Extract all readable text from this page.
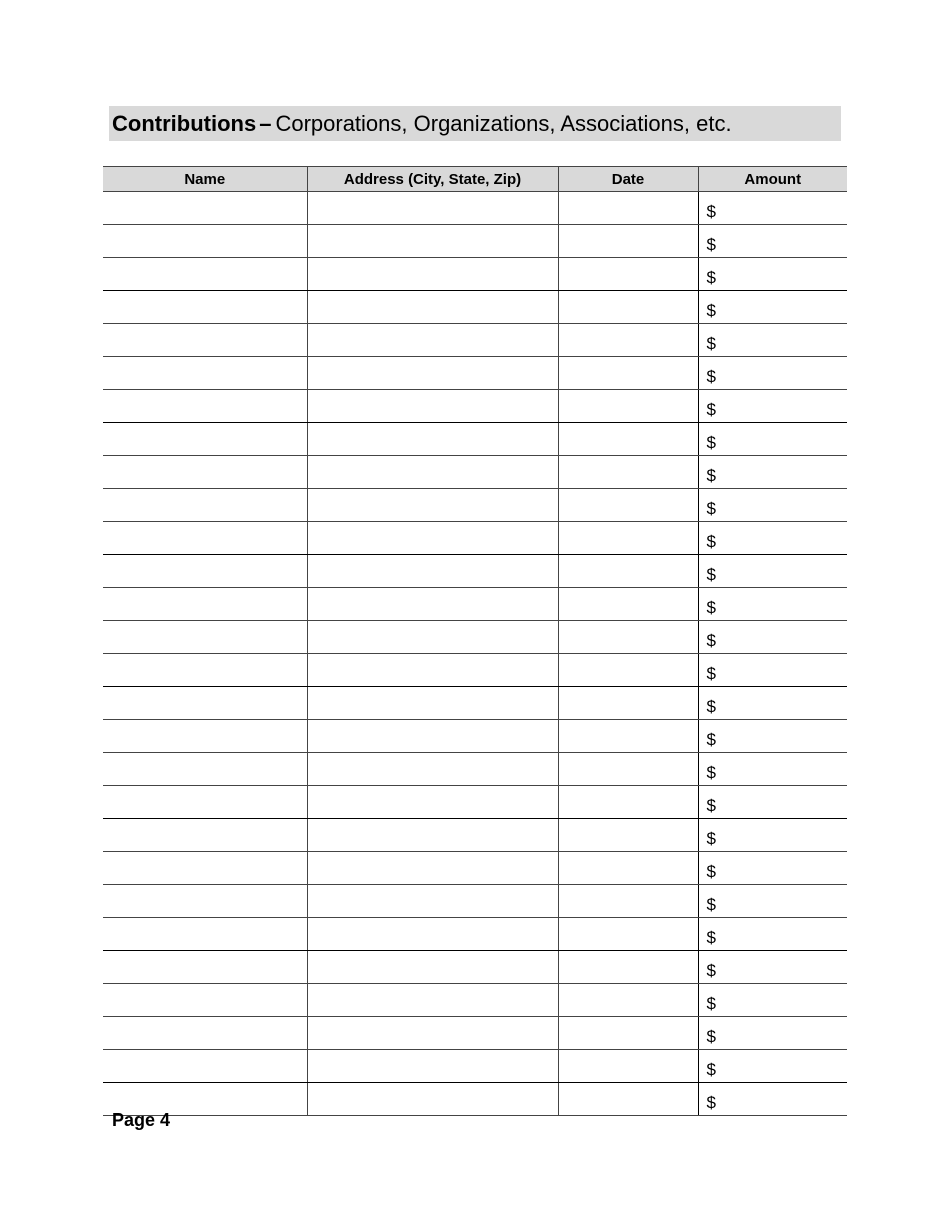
Contributions – Corporations, Organizations, Associations, etc.
Name	Address (City, State, Zip)	Date	Amount
			$
			$
			$
			$
			$
			$
			$
			$
			$
			$
			$
			$
			$
			$
			$
			$
			$
			$
			$
			$
			$
			$
			$
			$
			$
			$
			$
			$
Page 4
